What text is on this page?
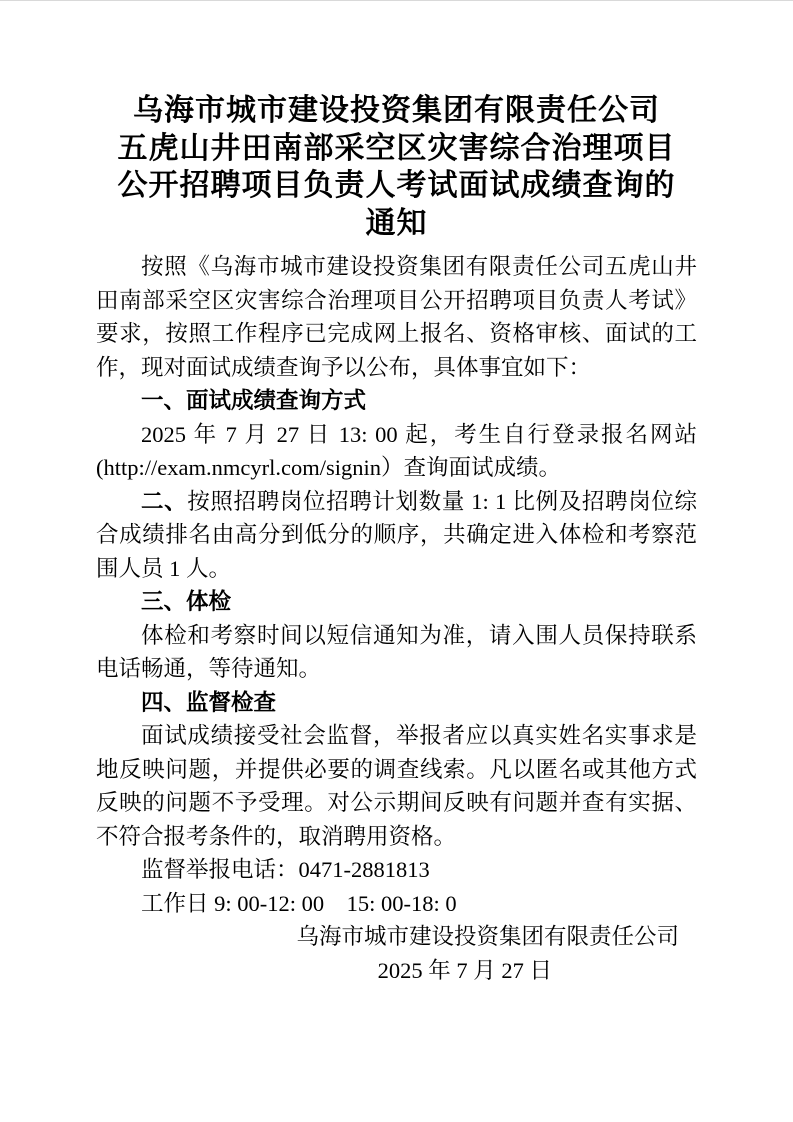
乌海市城市建设投资集团有限责任公司
五虎山井田南部采空区灾害综合治理项目
公开招聘项目负责人考试面试成绩查询的
通知

按照《乌海市城市建设投资集团有限责任公司五虎山井田南部采空区灾害综合治理项目公开招聘项目负责人考试》要求，按照工作程序已完成网上报名、资格审核、面试的工作，现对面试成绩查询予以公布，具体事宜如下：

一、面试成绩查询方式

2025 年 7 月 27 日 13: 00 起，考生自行登录报名网站(http://exam.nmcyrl.com/signin）查询面试成绩。

二、按照招聘岗位招聘计划数量 1: 1 比例及招聘岗位综合成绩排名由高分到低分的顺序，共确定进入体检和考察范围人员 1 人。

三、体检

体检和考察时间以短信通知为准，请入围人员保持联系电话畅通，等待通知。

四、监督检查

面试成绩接受社会监督，举报者应以真实姓名实事求是地反映问题，并提供必要的调查线索。凡以匿名或其他方式反映的问题不予受理。对公示期间反映有问题并查有实据、不符合报考条件的，取消聘用资格。

监督举报电话：0471-2881813

工作日 9: 00-12: 00　15: 00-18: 0

乌海市城市建设投资集团有限责任公司

2025 年 7 月 27 日
